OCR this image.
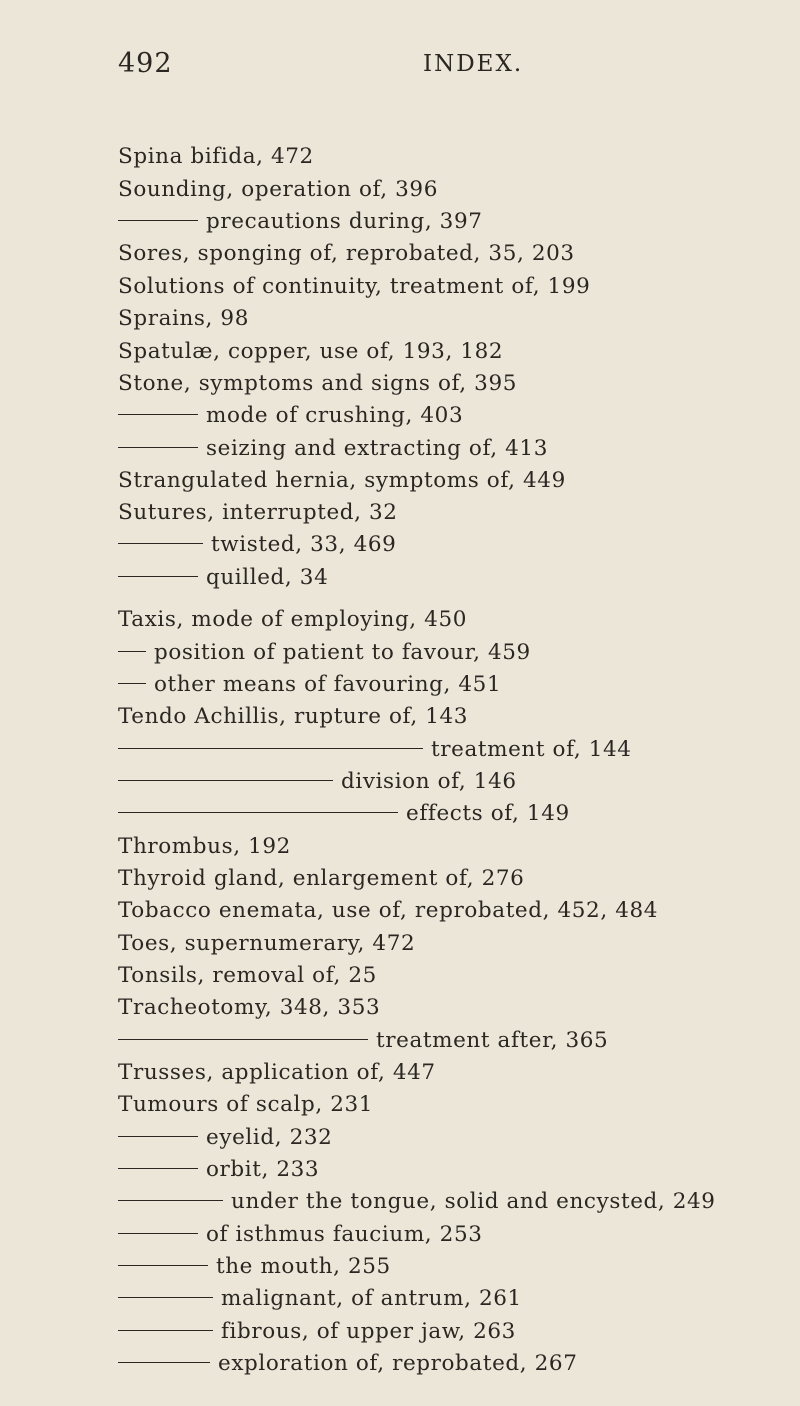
492	INDEX.
Spina bifida, 472
Sounding, operation of, 396
precautions during, 397
Sores, sponging of, reprobated, 35, 203
Solutions of continuity, treatment of, 199
Sprains, 98
Spatulæ, copper, use of, 193, 182
Stone, symptoms and signs of, 395
mode of crushing, 403
seizing and extracting of, 413
Strangulated hernia, symptoms of, 449
Sutures, interrupted, 32
twisted, 33, 469
quilled, 34
Taxis, mode of employing, 450
position of patient to favour, 459
other means of favouring, 451
Tendo Achillis, rupture of, 143
treatment of, 144
division of, 146
effects of, 149
Thrombus, 192
Thyroid gland, enlargement of, 276
Tobacco enemata, use of, reprobated, 452, 484
Toes, supernumerary, 472
Tonsils, removal of, 25
Tracheotomy, 348, 353
treatment after, 365
Trusses, application of, 447
Tumours of scalp, 231
eyelid, 232
orbit, 233
under the tongue, solid and encysted, 249
of isthmus faucium, 253
the mouth, 255
malignant, of antrum, 261
fibrous, of upper jaw, 263
exploration of, reprobated, 267
